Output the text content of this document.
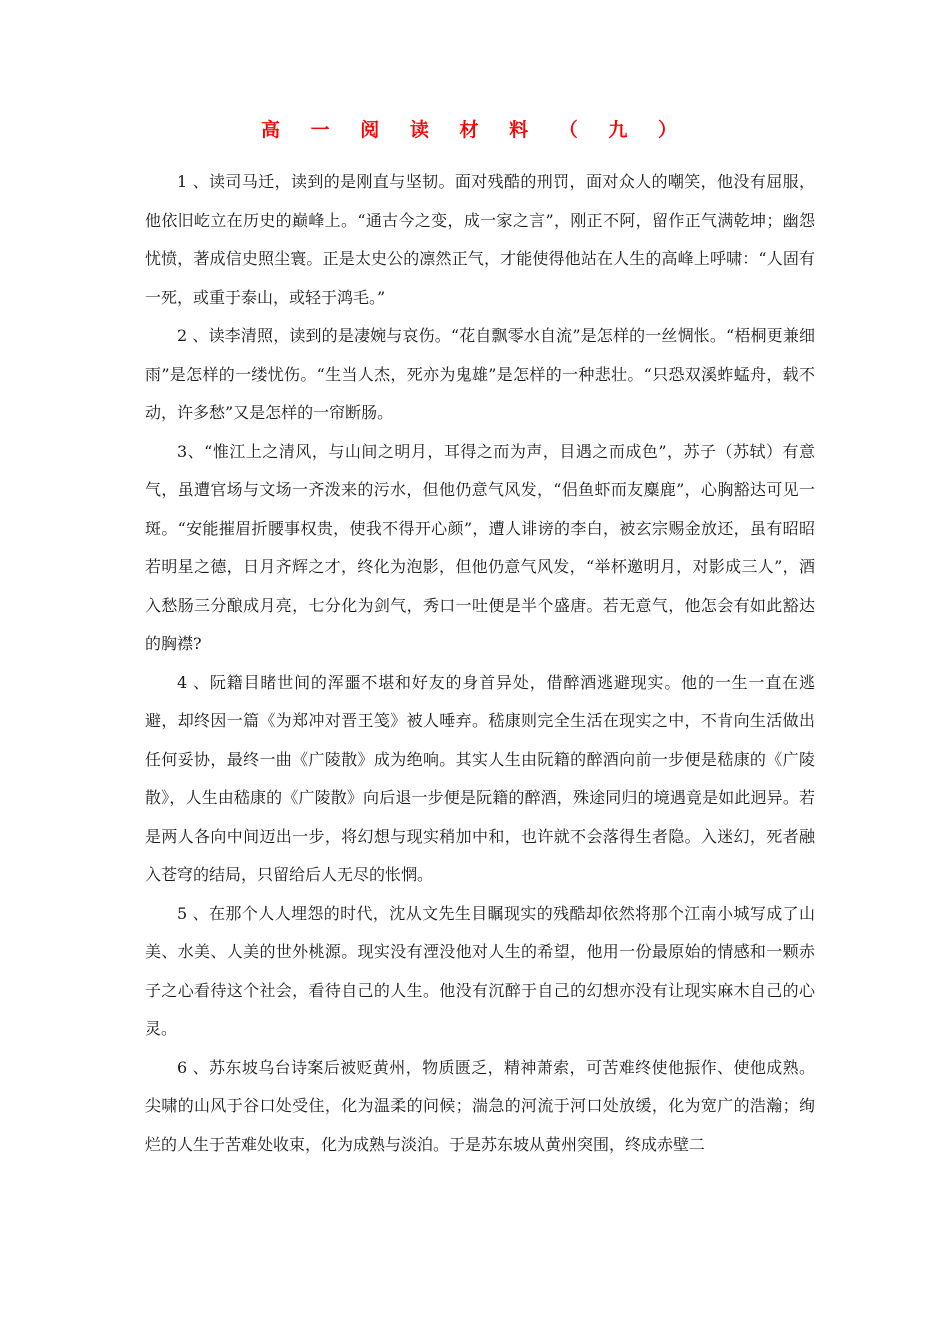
高 一 阅 读 材 料 （ 九 ）

1 、读司马迁，读到的是刚直与坚韧。面对残酷的刑罚，面对众人的嘲笑，他没有屈服，他依旧屹立在历史的巅峰上。“通古今之变，成一家之言”，刚正不阿，留作正气满乾坤；幽怨忧愤，著成信史照尘寰。正是太史公的凛然正气，才能使得他站在人生的高峰上呼啸：“人固有一死，或重于泰山，或轻于鸿毛。”

2 、读李清照，读到的是凄婉与哀伤。“花自飘零水自流”是怎样的一丝惆怅。“梧桐更兼细雨”是怎样的一缕忧伤。“生当人杰，死亦为鬼雄”是怎样的一种悲壮。“只恐双溪蚱蜢舟，载不动，许多愁”又是怎样的一帘断肠。

3、“惟江上之清风，与山间之明月，耳得之而为声，目遇之而成色”，苏子（苏轼）有意气，虽遭官场与文场一齐泼来的污水，但他仍意气风发，“侣鱼虾而友麋鹿”，心胸豁达可见一斑。“安能摧眉折腰事权贵，使我不得开心颜”，遭人诽谤的李白，被玄宗赐金放还，虽有昭昭若明星之德，日月齐辉之才，终化为泡影，但他仍意气风发，“举杯邀明月，对影成三人”，酒入愁肠三分酿成月亮，七分化为剑气，秀口一吐便是半个盛唐。若无意气，他怎会有如此豁达的胸襟?

4 、阮籍目睹世间的浑噩不堪和好友的身首异处，借醉酒逃避现实。他的一生一直在逃避，却终因一篇《为郑冲对晋王笺》被人唾弃。嵇康则完全生活在现实之中，不肯向生活做出任何妥协，最终一曲《广陵散》成为绝响。其实人生由阮籍的醉酒向前一步便是嵇康的《广陵散》，人生由嵇康的《广陵散》向后退一步便是阮籍的醉酒，殊途同归的境遇竟是如此迥异。若是两人各向中间迈出一步，将幻想与现实稍加中和，也许就不会落得生者隐。入迷幻，死者融入苍穹的结局，只留给后人无尽的怅惘。

5 、在那个人人埋怨的时代，沈从文先生目瞩现实的残酷却依然将那个江南小城写成了山美、水美、人美的世外桃源。现实没有湮没他对人生的希望，他用一份最原始的情感和一颗赤子之心看待这个社会，看待自己的人生。他没有沉醉于自己的幻想亦没有让现实麻木自己的心灵。

6 、苏东坡乌台诗案后被贬黄州，物质匮乏，精神萧索，可苦难终使他振作、使他成熟。尖啸的山风于谷口处受住，化为温柔的问候；湍急的河流于河口处放缓，化为宽广的浩瀚；绚烂的人生于苦难处收束，化为成熟与淡泊。于是苏东坡从黄州突围，终成赤壁二
